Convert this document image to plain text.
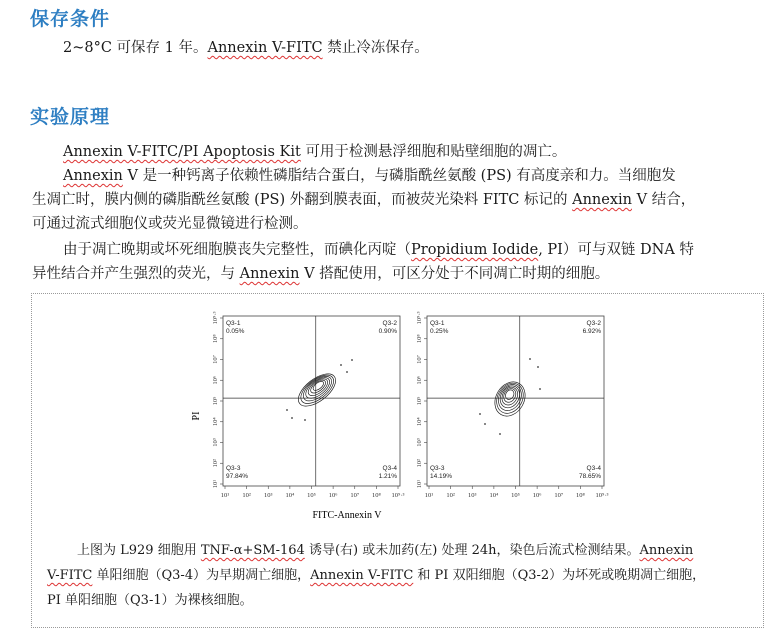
保存条件
2~8°C 可保存 1 年。Annexin V-FITC 禁止冷冻保存。
实验原理
Annexin V-FITC/PI Apoptosis Kit 可用于检测悬浮细胞和贴壁细胞的凋亡。
Annexin V 是一种钙离子依赖性磷脂结合蛋白，与磷脂酰丝氨酸 (PS) 有高度亲和力。当细胞发
生凋亡时，膜内侧的磷脂酰丝氨酸 (PS) 外翻到膜表面，而被荧光染料 FITC 标记的 Annexin V 结合，
可通过流式细胞仪或荧光显微镜进行检测。
由于凋亡晚期或坏死细胞膜丧失完整性，而碘化丙啶（Propidium Iodide, PI）可与双链 DNA 特
异性结合并产生强烈的荧光，与 Annexin V 搭配使用，可区分处于不同凋亡时期的细胞。
PI
FITC-Annexin V
Q3-1
0.05%
Q3-2
0.90%
Q3-3
97.84%
Q3-4
1.21%
10¹
10¹
10²
10²
10³
10³
10⁴
10⁴
10⁵
10⁵
10⁶
10⁶
10⁷
10⁷
10⁸
10⁸
10⁹·³
10⁹·³	Q3-1
0.25%
Q3-2
6.92%
Q3-3
14.19%
Q3-4
78.65%
10¹
10¹
10²
10²
10³
10³
10⁴
10⁴
10⁵
10⁵
10⁶
10⁶
10⁷
10⁷
10⁸
10⁸
10⁹·³
10⁹·³
上图为 L929 细胞用 TNF-α+SM-164 诱导(右) 或未加药(左) 处理 24h，染色后流式检测结果。Annexin
V-FITC 单阳细胞（Q3-4）为早期凋亡细胞，Annexin V-FITC 和 PI 双阳细胞（Q3-2）为坏死或晚期凋亡细胞，
PI 单阳细胞（Q3-1）为裸核细胞。
